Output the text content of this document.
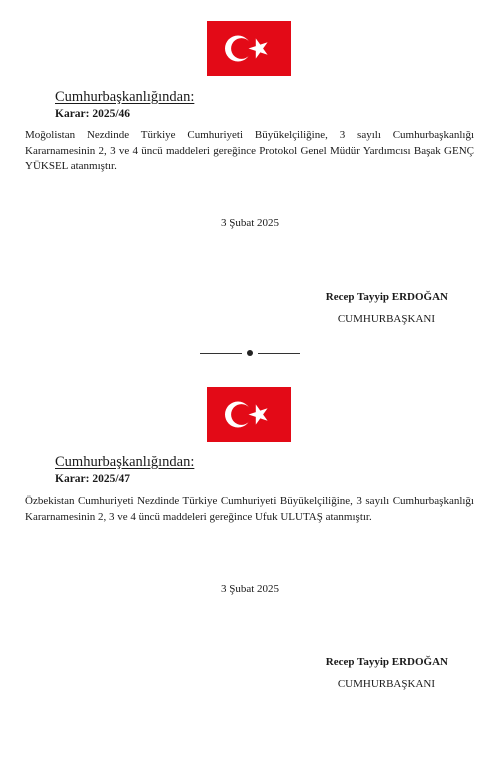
Cumhurbaşkanlığından:
Karar: 2025/46
Moğolistan Nezdinde Türkiye Cumhuriyeti Büyükelçiliğine, 3 sayılı Cumhurbaşkanlığı Kararnamesinin 2, 3 ve 4 üncü maddeleri gereğince Protokol Genel Müdür Yardımcısı Başak GENÇ YÜKSEL atanmıştır.
3 Şubat 2025
Recep Tayyip ERDOĞAN
CUMHURBAŞKANI
Cumhurbaşkanlığından:
Karar: 2025/47
Özbekistan Cumhuriyeti Nezdinde Türkiye Cumhuriyeti Büyükelçiliğine, 3 sayılı Cumhurbaşkanlığı Kararnamesinin 2, 3 ve 4 üncü maddeleri gereğince Ufuk ULUTAŞ atanmıştır.
3 Şubat 2025
Recep Tayyip ERDOĞAN
CUMHURBAŞKANI
